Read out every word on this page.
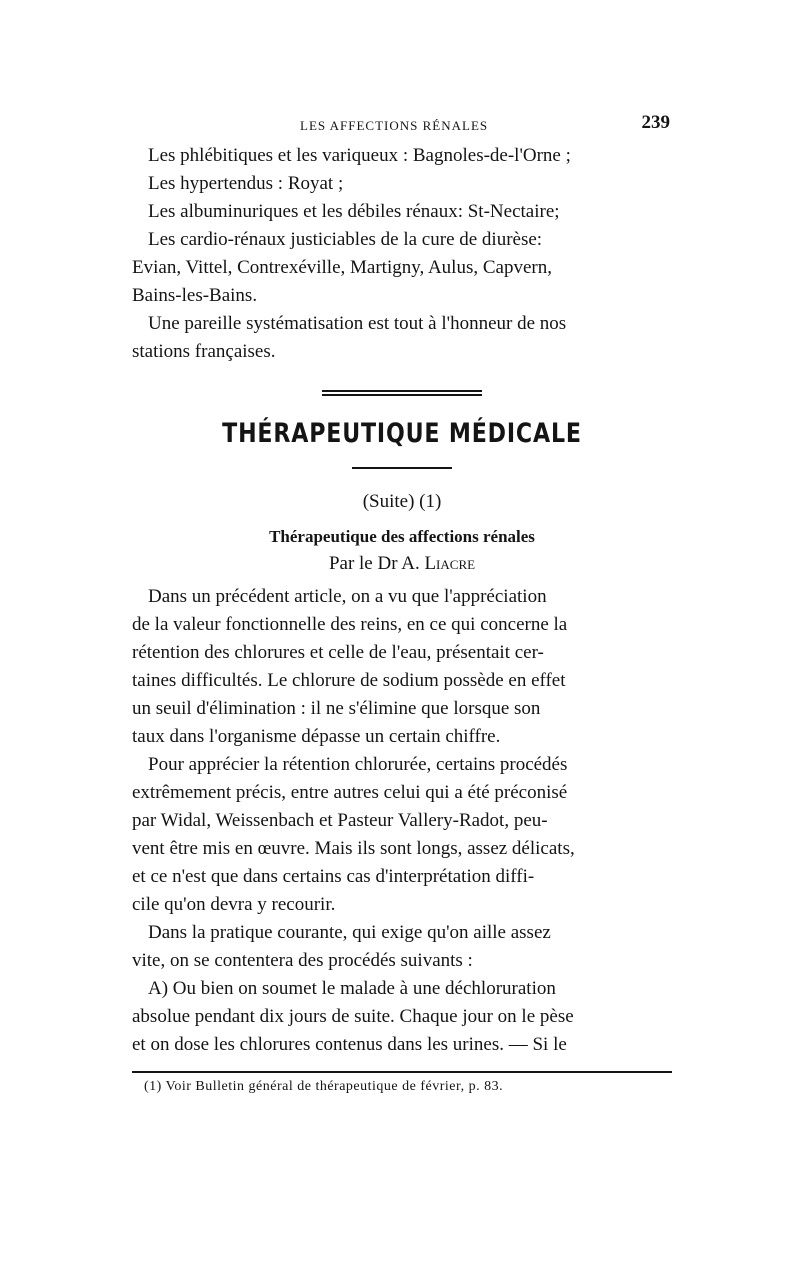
LES AFFECTIONS RÉNALES	239
Les phlébitiques et les variqueux : Bagnoles-de-l'Orne ;
Les hypertendus : Royat ;
Les albuminuriques et les débiles rénaux: St-Nectaire;
Les cardio-rénaux justiciables de la cure de diurèse:
Evian, Vittel, Contrexéville, Martigny, Aulus, Capvern,
Bains-les-Bains.
Une pareille systématisation est tout à l'honneur de nos
stations françaises.
THÉRAPEUTIQUE MÉDICALE
(Suite) (1)
Thérapeutique des affections rénales
Par le Dr A. Liacre
Dans un précédent article, on a vu que l'appréciation
de la valeur fonctionnelle des reins, en ce qui concerne la
rétention des chlorures et celle de l'eau, présentait cer-
taines difficultés. Le chlorure de sodium possède en effet
un seuil d'élimination : il ne s'élimine que lorsque son
taux dans l'organisme dépasse un certain chiffre.
Pour apprécier la rétention chlorurée, certains procédés
extrêmement précis, entre autres celui qui a été préconisé
par Widal, Weissenbach et Pasteur Vallery-Radot, peu-
vent être mis en œuvre. Mais ils sont longs, assez délicats,
et ce n'est que dans certains cas d'interprétation diffi-
cile qu'on devra y recourir.
Dans la pratique courante, qui exige qu'on aille assez
vite, on se contentera des procédés suivants :
A) Ou bien on soumet le malade à une déchloruration
absolue pendant dix jours de suite. Chaque jour on le pèse
et on dose les chlorures contenus dans les urines. — Si le
(1) Voir Bulletin général de thérapeutique de février, p. 83.
